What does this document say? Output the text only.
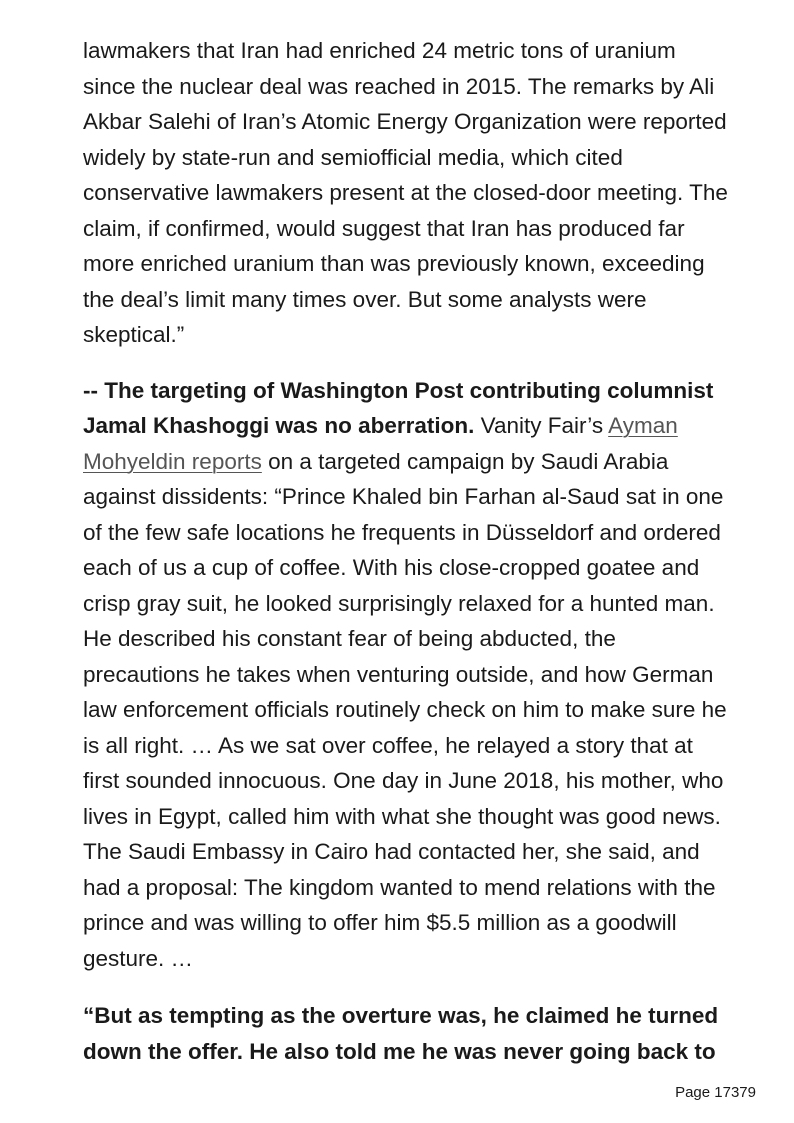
lawmakers that Iran had enriched 24 metric tons of uranium since the nuclear deal was reached in 2015. The remarks by Ali Akbar Salehi of Iran’s Atomic Energy Organization were reported widely by state-run and semiofficial media, which cited conservative lawmakers present at the closed-door meeting. The claim, if confirmed, would suggest that Iran has produced far more enriched uranium than was previously known, exceeding the deal’s limit many times over. But some analysts were skeptical.”

-- The targeting of Washington Post contributing columnist Jamal Khashoggi was no aberration. Vanity Fair’s Ayman Mohyeldin reports on a targeted campaign by Saudi Arabia against dissidents: “Prince Khaled bin Farhan al-Saud sat in one of the few safe locations he frequents in Düsseldorf and ordered each of us a cup of coffee. With his close-cropped goatee and crisp gray suit, he looked surprisingly relaxed for a hunted man. He described his constant fear of being abducted, the precautions he takes when venturing outside, and how German law enforcement officials routinely check on him to make sure he is all right. … As we sat over coffee, he relayed a story that at first sounded innocuous. One day in June 2018, his mother, who lives in Egypt, called him with what she thought was good news. The Saudi Embassy in Cairo had contacted her, she said, and had a proposal: The kingdom wanted to mend relations with the prince and was willing to offer him $5.5 million as a goodwill gesture. …

“But as tempting as the overture was, he claimed he turned down the offer. He also told me he was never going back to

Page 17379
